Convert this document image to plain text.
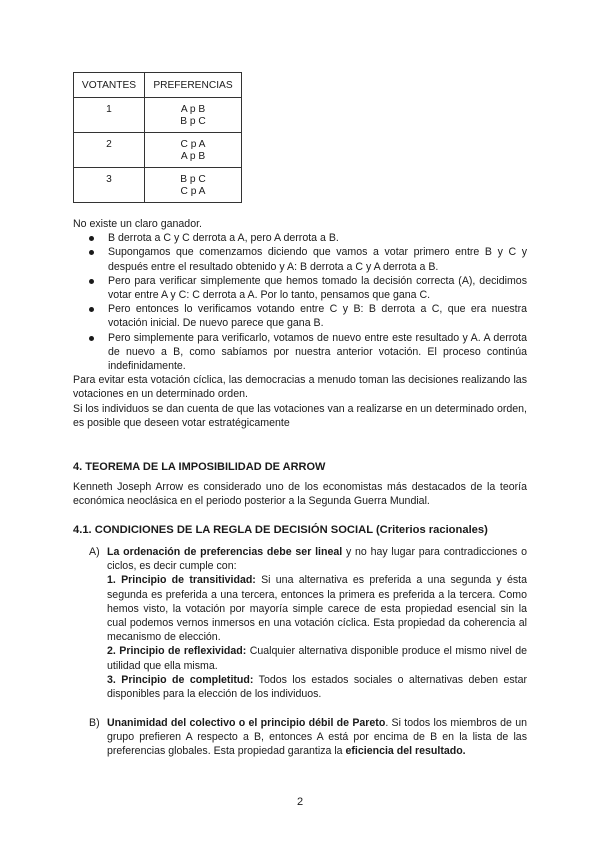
VOTANTES	PREFERENCIAS
1	A p B
B p C

2	C p A
A p B

3	B p C
C p A
No existe un claro ganador.
B derrota a C y C derrota a A, pero A derrota a B.
Supongamos que comenzamos diciendo que vamos a votar primero entre B y C y después entre el resultado obtenido y A: B derrota a C y A derrota a B.
Pero para verificar simplemente que hemos tomado la decisión correcta (A), decidimos votar entre A y C: C derrota a A. Por lo tanto, pensamos que gana C.
Pero entonces lo verificamos votando entre C y B: B derrota a C, que era nuestra votación inicial. De nuevo parece que gana B.
Pero simplemente para verificarlo, votamos de nuevo entre este resultado y A. A derrota de nuevo a B, como sabíamos por nuestra anterior votación. El proceso continúa indefinidamente.
Para evitar esta votación cíclica, las democracias a menudo toman las decisiones realizando las votaciones en un determinado orden.
Si los individuos se dan cuenta de que las votaciones van a realizarse en un determinado orden, es posible que deseen votar estratégicamente
4. TEOREMA DE LA IMPOSIBILIDAD DE ARROW
Kenneth Joseph Arrow es considerado uno de los economistas más destacados de la teoría económica neoclásica en el periodo posterior a la Segunda Guerra Mundial.
4.1. CONDICIONES DE LA REGLA DE DECISIÓN SOCIAL (Criterios racionales)
A) La ordenación de preferencias debe ser lineal y no hay lugar para contradicciones o ciclos, es decir cumple con:

1. Principio de transitividad: Si una alternativa es preferida a una segunda y ésta segunda es preferida a una tercera, entonces la primera es preferida a la tercera. Como hemos visto, la votación por mayoría simple carece de esta propiedad esencial sin la cual podemos vernos inmersos en una votación cíclica. Esta propiedad da coherencia al mecanismo de elección.

2. Principio de reflexividad: Cualquier alternativa disponible produce el mismo nivel de utilidad que ella misma.

3. Principio de completitud: Todos los estados sociales o alternativas deben estar disponibles para la elección de los individuos.

B) Unanimidad del colectivo o el principio débil de Pareto. Si todos los miembros de un grupo prefieren A respecto a B, entonces A está por encima de B en la lista de las preferencias globales. Esta propiedad garantiza la eficiencia del resultado.

2
